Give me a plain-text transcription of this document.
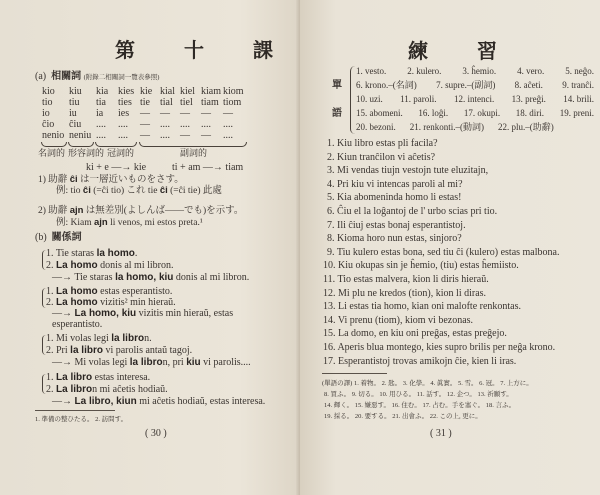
第 十 課
(a) 相關詞 (附錄二相關詞一覽表參照)
kio kiu kia kies kie kial kiel kiam kiom
tio tiu tia ties tie tial tiel tiam tiom
io iu ia ies — — — — —
ĉio ĉiu .... .... — .... .... .... ....
nenio neniu .... .... — .... — — ....
名詞的 形容詞的 冠詞的	副詞的
ki + e —→ kie	ti + am —→ tiam
1) 助辭 ĉi は一層近いものをさす。
例: tio ĉi (=ĉi tio) これ tie ĉi (=ĉi tie) 此處
2) 助辭 ajn は無差別(よしんば――でも)を示す。
例: Kiam ajn li venos, mi estos preta.¹
(b) 關係詞
1. Tie staras la homo.
2. La homo donis al mi libron.
—→ Tie staras la homo, kiu donis al mi libron.
1. La homo estas esperantisto.
2. La homo vizitis² min hieraŭ.
—→ La homo, kiu vizitis min hieraŭ, estas
esperantisto.
1. Mi volas legi la libron.
2. Pri la libro vi parolis antaŭ tagoj.
—→ Mi volas legi la libron, pri kiu vi parolis....
1. La libro estas interesa.
2. La libron mi aĉetis hodiaŭ.
—→ La libro, kiun mi aĉetis hodiaŭ, estas interesa.
1. 準備の整ひたる。 2. 訪問す。
( 30 )
練 習
單
語
1. vesto. 2. kulero. 3. ĥemio. 4. vero. 5. neĝo.
6. krono.–(名詞) 7. supre.–(副詞) 8. aĉeti. 9. tranĉi.
10. uzi. 11. paroli. 12. intenci. 13. preĝi. 14. brili.
15. abomeni. 16. loĝi. 17. okupi. 18. diri. 19. preni.
20. bezoni. 21. renkonti.–(動詞) 22. plu.–(助辭)
1. Kiu libro estas pli facila?
2. Kiun tranĉilon vi aĉetis?
3. Mi vendas tiujn vestojn tute eluzitajn,
4. Pri kiu vi intencas paroli al mi?
5. Kia abomeninda homo li estas!
6. Ĉiu el la loĝantoj de l' urbo scias pri tio.
7. Ili ĉiuj estas bonaj esperantistoj.
8. Kioma horo nun estas, sinjoro?
9. Tiu kulero estas bona, sed tiu ĉi (kulero) estas malbona.
10. Kiu okupas sin je ĥemio, (tiu) estas ĥemiisto.
11. Tio estas malvera, kion li diris hieraŭ.
12. Mi plu ne kredos (tion), kion li diras.
13. Li estas tia homo, kian oni malofte renkontas.
14. Vi prenu (tiom), kiom vi bezonas.
15. La domo, en kiu oni preĝas, estas preĝejo.
16. Aperis blua montego, kies supro brilis per neĝa krono.
17. Esperantistoj trovas amikojn ĉie, kien li iras.
(單語の譯) 1. 着物。 2. 匙。 3. 化學。 4. 眞實。 5. 雪。 6. 冠。 7. 上方に。
8. 買ふ。 9. 切る。 10. 用ひる。 11. 話す。 12. 企つ。 13. 祈願す。
14. 輝く。 15. 嫌惡す。 16. 住む。 17. 占む。手を塞ぐ。 18. 言ふ。
19. 採る。 20. 要する。 21. 出會ふ。 22. この上, 更に。
( 31 )
